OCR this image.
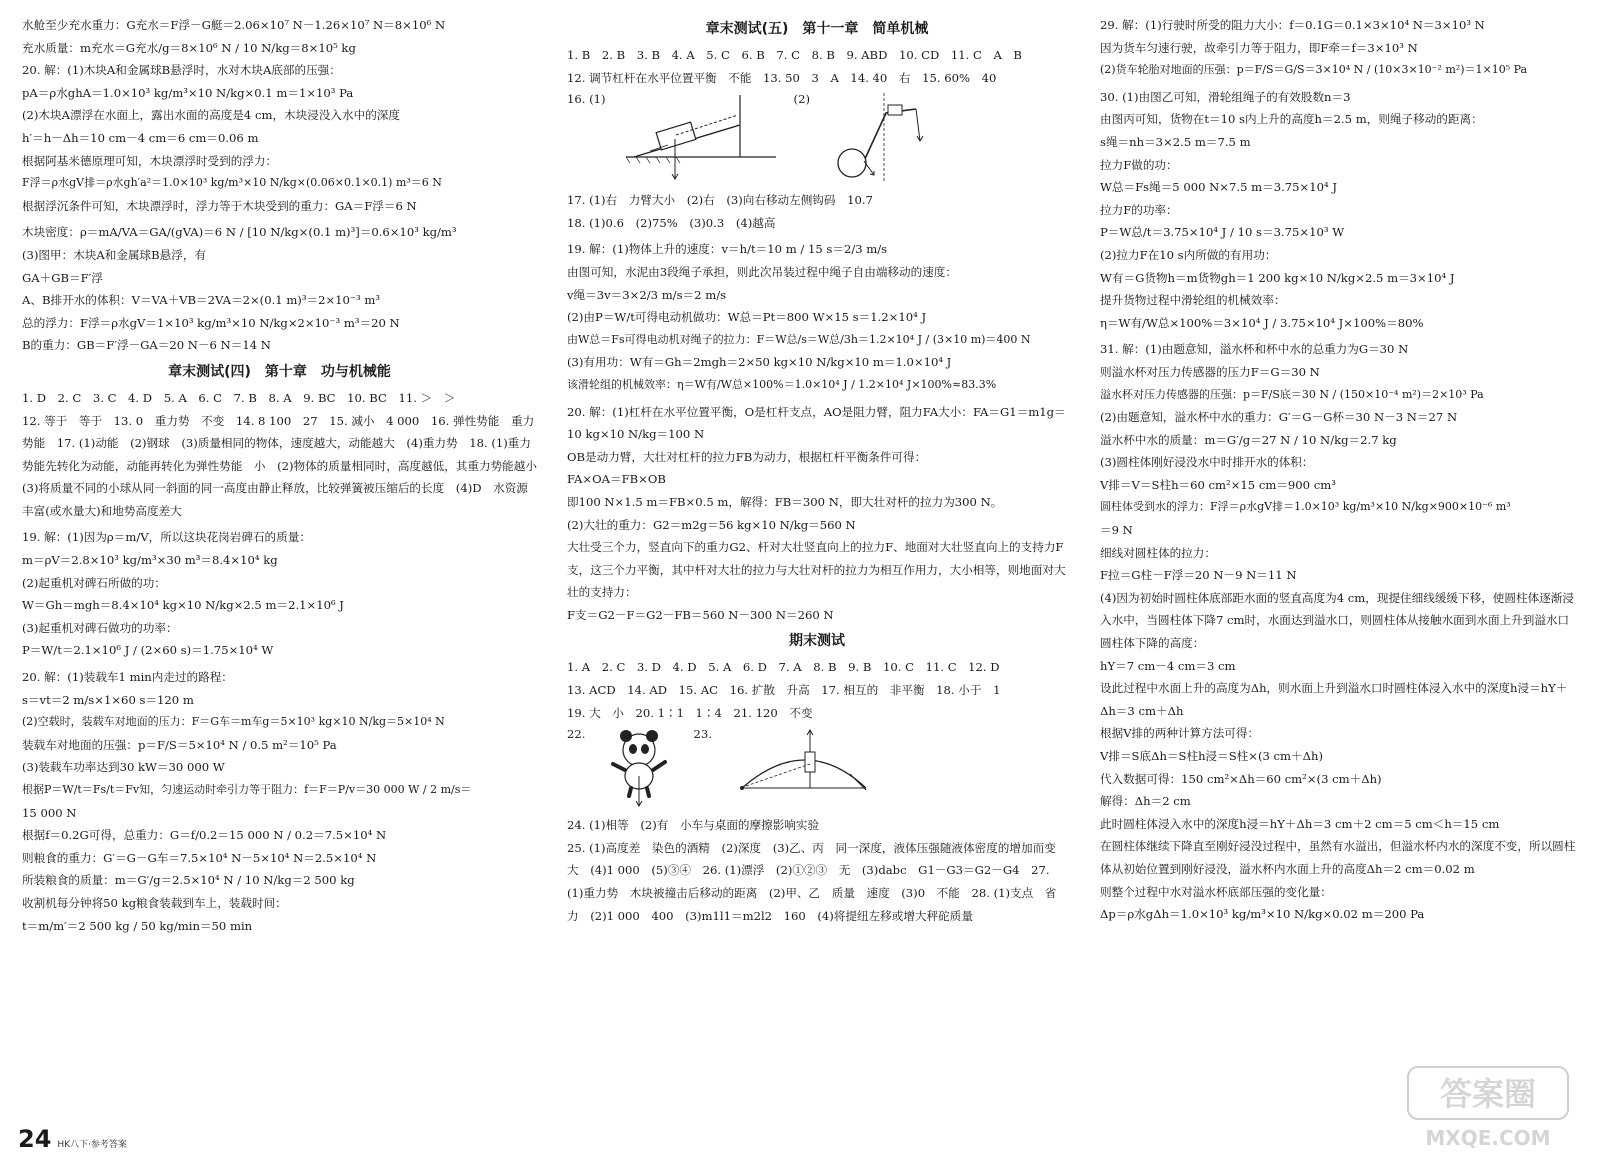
水舱至少充水重力：G充水＝F浮－G艇＝2.06×10⁷ N－1.26×10⁷ N＝8×10⁶ N
充水质量：m充水＝G充水/g＝8×10⁶ N / 10 N/kg＝8×10⁵ kg
20. 解：(1)木块A和金属球B悬浮时，水对木块A底部的压强：
pA＝ρ水ghA＝1.0×10³ kg/m³×10 N/kg×0.1 m＝1×10³ Pa
(2)木块A漂浮在水面上，露出水面的高度是4 cm，木块浸没入水中的深度
h′＝h－Δh＝10 cm－4 cm＝6 cm＝0.06 m
根据阿基米德原理可知，木块漂浮时受到的浮力：
F浮＝ρ水gV排＝ρ水gh′a²＝1.0×10³ kg/m³×10 N/kg×(0.06×0.1×0.1) m³＝6 N
根据浮沉条件可知，木块漂浮时，浮力等于木块受到的重力：GA＝F浮＝6 N
木块密度：ρ＝mA/VA＝GA/(gVA)＝6 N / [10 N/kg×(0.1 m)³]＝0.6×10³ kg/m³
(3)图甲：木块A和金属球B悬浮，有
GA＋GB＝F′浮
A、B排开水的体积：V＝VA＋VB＝2VA＝2×(0.1 m)³＝2×10⁻³ m³
总的浮力：F浮＝ρ水gV＝1×10³ kg/m³×10 N/kg×2×10⁻³ m³＝20 N
B的重力：GB＝F′浮－GA＝20 N－6 N＝14 N
章末测试(四)　第十章　功与机械能
1. D　2. C　3. C　4. D　5. A　6. C　7. B　8. A　9. BC　10. BC　11. ＞　＞
12. 等于　等于　13. 0　重力势　不变　14. 8 100　27　15. 减小　4 000　16. 弹性势能　重力势能　17. (1)动能　(2)钢球　(3)质量相同的物体，速度越大，动能越大　(4)重力势　18. (1)重力势能先转化为动能，动能再转化为弹性势能　小　(2)物体的质量相同时，高度越低，其重力势能越小　(3)将质量不同的小球从同一斜面的同一高度由静止释放，比较弹簧被压缩后的长度　(4)D　水资源丰富(或水量大)和地势高度差大
19. 解：(1)因为ρ＝m/V，所以这块花岗岩碑石的质量：
m＝ρV＝2.8×10³ kg/m³×30 m³＝8.4×10⁴ kg
(2)起重机对碑石所做的功：
W＝Gh＝mgh＝8.4×10⁴ kg×10 N/kg×2.5 m＝2.1×10⁶ J
(3)起重机对碑石做功的功率：
P＝W/t＝2.1×10⁶ J / (2×60 s)＝1.75×10⁴ W
20. 解：(1)装载车1 min内走过的路程：
s＝vt＝2 m/s×1×60 s＝120 m
(2)空载时，装载车对地面的压力：F＝G车＝m车g＝5×10³ kg×10 N/kg＝5×10⁴ N
装载车对地面的压强：p＝F/S＝5×10⁴ N / 0.5 m²＝10⁵ Pa
(3)装载车功率达到30 kW＝30 000 W
根据P＝W/t＝Fs/t＝Fv知，匀速运动时牵引力等于阻力：f＝F＝P/v＝30 000 W / 2 m/s＝
15 000 N
根据f＝0.2G可得，总重力：G＝f/0.2＝15 000 N / 0.2＝7.5×10⁴ N
则粮食的重力：G′＝G－G车＝7.5×10⁴ N－5×10⁴ N＝2.5×10⁴ N
所装粮食的质量：m＝G′/g＝2.5×10⁴ N / 10 N/kg＝2 500 kg
收割机每分钟将50 kg粮食装载到车上，装载时间：
t＝m/m′＝2 500 kg / 50 kg/min＝50 min
章末测试(五)　第十一章　简单机械
1. B　2. B　3. B　4. A　5. C　6. B　7. C　8. B　9. ABD　10. CD　11. C　A　B
12. 调节杠杆在水平位置平衡　不能　13. 50　3　A　14. 40　右　15. 60%　40
16. (1)	(2)
17. (1)右　力臂大小　(2)右　(3)向右移动左侧钩码　10.7
18. (1)0.6　(2)75%　(3)0.3　(4)越高
19. 解：(1)物体上升的速度：v＝h/t＝10 m / 15 s＝2/3 m/s
由图可知，水泥由3段绳子承担，则此次吊装过程中绳子自由端移动的速度：
v绳＝3v＝3×2/3 m/s＝2 m/s
(2)由P＝W/t可得电动机做功：W总＝Pt＝800 W×15 s＝1.2×10⁴ J
由W总＝Fs可得电动机对绳子的拉力：F＝W总/s＝W总/3h＝1.2×10⁴ J / (3×10 m)＝400 N
(3)有用功：W有＝Gh＝2mgh＝2×50 kg×10 N/kg×10 m＝1.0×10⁴ J
该滑轮组的机械效率：η＝W有/W总×100%＝1.0×10⁴ J / 1.2×10⁴ J×100%≈83.3%
20. 解：(1)杠杆在水平位置平衡，O是杠杆支点，AO是阻力臂，阻力FA大小：FA＝G1＝m1g＝10 kg×10 N/kg＝100 N
OB是动力臂，大壮对杠杆的拉力FB为动力，根据杠杆平衡条件可得：
FA×OA＝FB×OB
即100 N×1.5 m＝FB×0.5 m，解得：FB＝300 N，即大壮对杆的拉力为300 N。
(2)大壮的重力：G2＝m2g＝56 kg×10 N/kg＝560 N
大壮受三个力，竖直向下的重力G2、杆对大壮竖直向上的拉力F、地面对大壮竖直向上的支持力F支，这三个力平衡，其中杆对大壮的拉力与大壮对杆的拉力为相互作用力，大小相等，则地面对大壮的支持力：
F支＝G2－F＝G2－FB＝560 N－300 N＝260 N
期末测试
1. A　2. C　3. D　4. D　5. A　6. D　7. A　8. B　9. B　10. C　11. C　12. D
13. ACD　14. AD　15. AC　16. 扩散　升高　17. 相互的　非平衡　18. 小于　1
19. 大　小　20. 1∶1　1∶4　21. 120　不变
22.	23.
24. (1)相等　(2)有　小车与桌面的摩擦影响实验
25. (1)高度差　染色的酒精　(2)深度　(3)乙、丙　同一深度，液体压强随液体密度的增加而变大　(4)1 000　(5)③④　26. (1)漂浮　(2)①②③　无　(3)dabc　G1－G3＝G2－G4　27. (1)重力势　木块被撞击后移动的距离　(2)甲、乙　质量　速度　(3)0　不能　28. (1)支点　省力　(2)1 000　400　(3)m1l1＝m2l2　160　(4)将提纽左移或增大秤砣质量
29. 解：(1)行驶时所受的阻力大小：f＝0.1G＝0.1×3×10⁴ N＝3×10³ N
因为货车匀速行驶，故牵引力等于阻力，即F牵＝f＝3×10³ N
(2)货车轮胎对地面的压强：p＝F/S＝G/S＝3×10⁴ N / (10×3×10⁻² m²)＝1×10⁵ Pa
30. (1)由图乙可知，滑轮组绳子的有效股数n＝3
由图丙可知，货物在t＝10 s内上升的高度h＝2.5 m，则绳子移动的距离：
s绳＝nh＝3×2.5 m＝7.5 m
拉力F做的功：
W总＝Fs绳＝5 000 N×7.5 m＝3.75×10⁴ J
拉力F的功率：
P＝W总/t＝3.75×10⁴ J / 10 s＝3.75×10³ W
(2)拉力F在10 s内所做的有用功：
W有＝G货物h＝m货物gh＝1 200 kg×10 N/kg×2.5 m＝3×10⁴ J
提升货物过程中滑轮组的机械效率：
η＝W有/W总×100%＝3×10⁴ J / 3.75×10⁴ J×100%＝80%
31. 解：(1)由题意知，溢水杯和杯中水的总重力为G＝30 N
则溢水杯对压力传感器的压力F＝G＝30 N
溢水杯对压力传感器的压强：p＝F/S底＝30 N / (150×10⁻⁴ m²)＝2×10³ Pa
(2)由题意知，溢水杯中水的重力：G′＝G－G杯＝30 N－3 N＝27 N
溢水杯中水的质量：m＝G′/g＝27 N / 10 N/kg＝2.7 kg
(3)圆柱体刚好浸没水中时排开水的体积：
V排＝V＝S柱h＝60 cm²×15 cm＝900 cm³
圆柱体受到水的浮力：F浮＝ρ水gV排＝1.0×10³ kg/m³×10 N/kg×900×10⁻⁶ m³
＝9 N
细线对圆柱体的拉力：
F拉＝G柱－F浮＝20 N－9 N＝11 N
(4)因为初始时圆柱体底部距水面的竖直高度为4 cm，现提住细线缓缓下移，使圆柱体逐渐浸入水中，当圆柱体下降7 cm时，水面达到溢水口，则圆柱体从接触水面到水面上升到溢水口圆柱体下降的高度：
hY＝7 cm－4 cm＝3 cm
设此过程中水面上升的高度为Δh，则水面上升到溢水口时圆柱体浸入水中的深度h浸＝hY＋Δh＝3 cm＋Δh
根据V排的两种计算方法可得：
V排＝S底Δh＝S柱h浸＝S柱×(3 cm＋Δh)
代入数据可得：150 cm²×Δh＝60 cm²×(3 cm＋Δh)
解得：Δh＝2 cm
此时圆柱体浸入水中的深度h浸＝hY＋Δh＝3 cm＋2 cm＝5 cm＜h＝15 cm
在圆柱体继续下降直至刚好浸没过程中，虽然有水溢出，但溢水杯内水的深度不变，所以圆柱体从初始位置到刚好浸没，溢水杯内水面上升的高度Δh＝2 cm＝0.02 m
则整个过程中水对溢水杯底部压强的变化量：
Δp＝ρ水gΔh＝1.0×10³ kg/m³×10 N/kg×0.02 m＝200 Pa
24 HK八下·参考答案
答案圈
MXQE.COM
